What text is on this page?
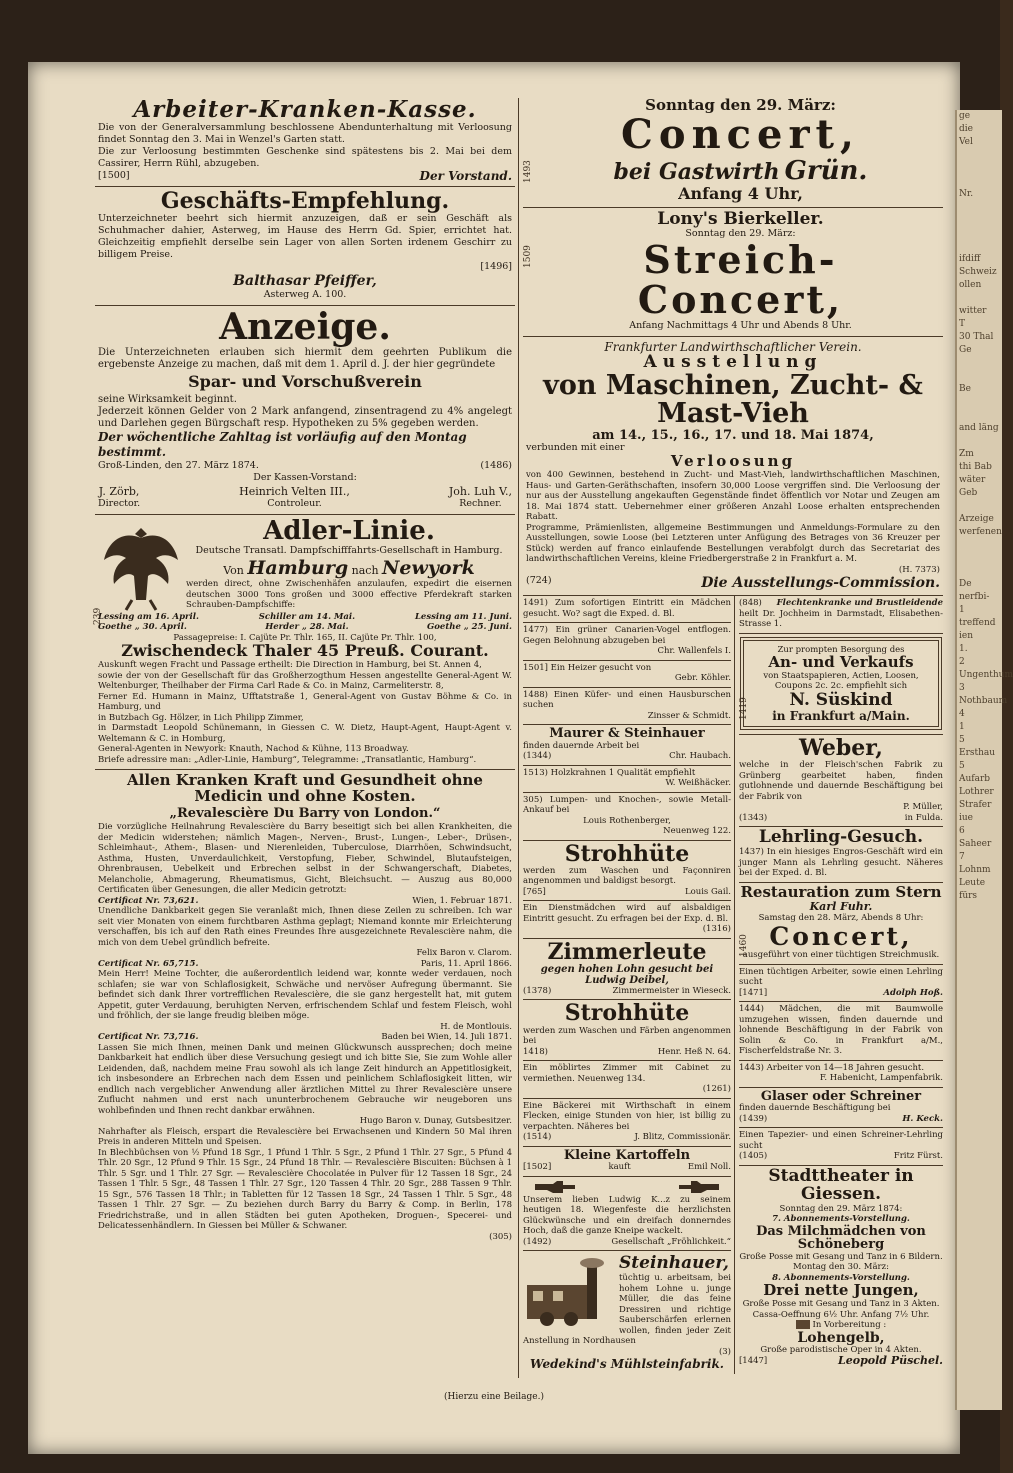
ge
die
Vel

Nr.

ifdiff
Schweiz
ollen

witter
T
30 Thal
Ge

Be

and läng

Zm
thi Bab
wäter
Geb

Arzeige
werfenen

De
nerfbi-
1
treffend
ien
1.
2
Ungenthum
3
Nothbaum
4
1
5
Ersthau
5
Aufarb
Lothrer
Strafer
iue
6
Saheer
7
Lohnm
Leute
fürs
Arbeiter-Kranken-Kasse.

Die von der Generalversammlung beschlossene Abendunterhaltung mit Verloosung findet Sonntag den 3. Mai in Wenzel's Garten statt.

Die zur Verloosung bestimmten Geschenke sind spätestens bis 2. Mai bei dem Cassirer, Herrn Rühl, abzugeben.

[1500]	Der Vorstand.
Geschäfts-Empfehlung.

Unterzeichneter beehrt sich hiermit anzuzeigen, daß er sein Geschäft als Schuhmacher dahier, Asterweg, im Hause des Herrn Gd. Spier, errichtet hat. Gleichzeitig empfiehlt derselbe sein Lager von allen Sorten irdenem Geschirr zu billigem Preise.

[1496]
Balthasar Pfeiffer,
Asterweg A. 100.
Anzeige.

Die Unterzeichneten erlauben sich hiermit dem geehrten Publikum die ergebenste Anzeige zu machen, daß mit dem 1. April d. J. der hier gegründete

Spar- und Vorschußverein

seine Wirksamkeit beginnt.

Jederzeit können Gelder von 2 Mark anfangend, zinsentragend zu 4% angelegt und Darlehen gegen Bürgschaft resp. Hypotheken zu 5% gegeben werden.

Der wöchentliche Zahltag ist vorläufig auf den Montag bestimmt.

Groß-Linden, den 27. März 1874.	(1486)
Der Kassen-Vorstand:
J. Zörb,
Director.
Heinrich Velten III.,
Controleur.
Joh. Luh V.,
Rechner.
Adler-Linie.
Deutsche Transatl. Dampfschifffahrts-Gesellschaft in Hamburg.
Von Hamburg nach Newyork

werden direct, ohne Zwischenhäfen anzulaufen, expedirt die eisernen deutschen 3000 Tons großen und 3000 effective Pferdekraft starken Schrauben-Dampfschiffe:

Lessing am 16. April.	Schiller am 14. Mai.	Lessing am 11. Juni.
Goethe „ 30. April.	Herder „ 28. Mai.	Goethe „ 25. Juni.
Passagepreise: I. Cajüte Pr. Thlr. 165, II. Cajüte Pr. Thlr. 100,
Zwischendeck Thaler 45 Preuß. Courant.

Auskunft wegen Fracht und Passage ertheilt: Die Direction in Hamburg, bei St. Annen 4,

sowie der von der Gesellschaft für das Großherzogthum Hessen angestellte General-Agent W. Weltenburger, Theilhaber der Firma Carl Rade & Co. in Mainz, Carmeliterstr. 8,

Ferner Ed. Humann in Mainz, Ufftatstraße 1, General-Agent von Gustav Böhme & Co. in Hamburg, und

in Butzbach Gg. Hölzer, in Lich Philipp Zimmer,

in Darmstadt Leopold Schünemann, in Giessen C. W. Dietz, Haupt-Agent, Haupt-Agent v. Weltemann & C. in Homburg,

General-Agenten in Newyork: Knauth, Nachod & Kühne, 113 Broadway.

Briefe adressire man: „Adler-Linie, Hamburg“, Telegramme: „Transatlantic, Hamburg“.

239
Allen Kranken Kraft und Gesundheit ohne Medicin und ohne Kosten.
„Revalescière Du Barry von London.“

Die vorzügliche Heilnahrung Revalescière du Barry beseitigt sich bei allen Krankheiten, die der Medicin widerstehen; nämlich Magen-, Nerven-, Brust-, Lungen-, Leber-, Drüsen-, Schleimhaut-, Athem-, Blasen- und Nierenleiden, Tuberculose, Diarrhöen, Schwindsucht, Asthma, Husten, Unverdaulichkeit, Verstopfung, Fieber, Schwindel, Blutaufsteigen, Ohrenbrausen, Uebelkeit und Erbrechen selbst in der Schwangerschaft, Diabetes, Melancholie, Abmagerung, Rheumatismus, Gicht, Bleichsucht. — Auszug aus 80,000 Certificaten über Genesungen, die aller Medicin getrotzt:

Certificat Nr. 73,621.	Wien, 1. Februar 1871.

Unendliche Dankbarkeit gegen Sie veranlaßt mich, Ihnen diese Zeilen zu schreiben. Ich war seit vier Monaten von einem furchtbaren Asthma geplagt; Niemand konnte mir Erleichterung verschaffen, bis ich auf den Rath eines Freundes Ihre ausgezeichnete Revalescière nahm, die mich von dem Uebel gründlich befreite.

Felix Baron v. Clarom.
Certificat Nr. 65,715.	Paris, 11. April 1866.

Mein Herr! Meine Tochter, die außerordentlich leidend war, konnte weder verdauen, noch schlafen; sie war von Schlaflosigkeit, Schwäche und nervöser Aufregung übermannt. Sie befindet sich dank Ihrer vortrefflichen Revalescière, die sie ganz hergestellt hat, mit gutem Appetit, guter Verdauung, beruhigten Nerven, erfrischendem Schlaf und festem Fleisch, wohl und fröhlich, der sie lange freudig bleiben möge.

H. de Montlouis.
Certificat Nr. 73,716.	Baden bei Wien, 14. Juli 1871.

Lassen Sie mich Ihnen, meinen Dank und meinen Glückwunsch aussprechen; doch meine Dankbarkeit hat endlich über diese Versuchung gesiegt und ich bitte Sie, Sie zum Wohle aller Leidenden, daß, nachdem meine Frau sowohl als ich lange Zeit hindurch an Appetitlosigkeit, ich insbesondere an Erbrechen nach dem Essen und peinlichem Schlaflosigkeit litten, wir endlich nach vergeblicher Anwendung aller ärztlichen Mittel zu Ihrer Revalescière unsere Zuflucht nahmen und erst nach ununterbrochenem Gebrauche wir neugeboren uns wohlbefinden und Ihnen recht dankbar erwähnen.

Hugo Baron v. Dunay, Gutsbesitzer.

Nahrhafter als Fleisch, erspart die Revalescière bei Erwachsenen und Kindern 50 Mal ihren Preis in anderen Mitteln und Speisen.

In Blechbüchsen von ½ Pfund 18 Sgr., 1 Pfund 1 Thlr. 5 Sgr., 2 Pfund 1 Thlr. 27 Sgr., 5 Pfund 4 Thlr. 20 Sgr., 12 Pfund 9 Thlr. 15 Sgr., 24 Pfund 18 Thlr. — Revalescière Biscuiten: Büchsen à 1 Thlr. 5 Sgr. und 1 Thlr. 27 Sgr. — Revalescière Chocolatée in Pulver für 12 Tassen 18 Sgr., 24 Tassen 1 Thlr. 5 Sgr., 48 Tassen 1 Thlr. 27 Sgr., 120 Tassen 4 Thlr. 20 Sgr., 288 Tassen 9 Thlr. 15 Sgr., 576 Tassen 18 Thlr.; in Tabletten für 12 Tassen 18 Sgr., 24 Tassen 1 Thlr. 5 Sgr., 48 Tassen 1 Thlr. 27 Sgr. — Zu beziehen durch Barry du Barry & Comp. in Berlin, 178 Friedrichstraße, und in allen Städten bei guten Apotheken, Droguen-, Specerei- und Delicatessenhändlern. In Giessen bei Müller & Schwaner.

(305)
1493
Sonntag den 29. März:
Concert,
bei Gastwirth Grün.
Anfang 4 Uhr,
1509
Lony's Bierkeller.
Sonntag den 29. März:
Streich-Concert,
Anfang Nachmittags 4 Uhr und Abends 8 Uhr.
Frankfurter Landwirthschaftlicher Verein.
Ausstellung
von Maschinen, Zucht- & Mast-Vieh
am 14., 15., 16., 17. und 18. Mai 1874,
verbunden mit einer
Verloosung

von 400 Gewinnen, bestehend in Zucht- und Mast-Vieh, landwirthschaftlichen Maschinen, Haus- und Garten-Geräthschaften, insofern 30,000 Loose vergriffen sind. Die Verloosung der nur aus der Ausstellung angekauften Gegenstände findet öffentlich vor Notar und Zeugen am 18. Mai 1874 statt. Uebernehmer einer größeren Anzahl Loose erhalten entsprechenden Rabatt.

Programme, Prämienlisten, allgemeine Bestimmungen und Anmeldungs-Formulare zu den Ausstellungen, sowie Loose (bei Letzteren unter Anfügung des Betrages von 36 Kreuzer per Stück) werden auf franco einlaufende Bestellungen verabfolgt durch das Secretariat des landwirthschaftlichen Vereins, kleine Friedbergerstraße 2 in Frankfurt a. M.

(H. 7373)
(724)	Die Ausstellungs-Commission.

1491) Zum sofortigen Eintritt ein Mädchen gesucht. Wo? sagt die Exped. d. Bl.

1477) Ein grüner Canarien-Vogel entflogen. Gegen Belohnung abzugeben bei

Chr. Wallenfels I.

1501] Ein Heizer gesucht von

Gebr. Köhler.

1488) Einen Küfer- und einen Hausburschen suchen

Zinsser & Schmidt.
Maurer & Steinhauer

finden dauernde Arbeit bei

(1344)	Chr. Haubach.

1513) Holzkrahnen 1 Qualität empfiehlt

W. Weißhäcker.

305) Lumpen- und Knochen-, sowie Metall-Ankauf bei

Louis Rothenberger,
Neuenweg 122.
Strohhüte

werden zum Waschen und Façonniren angenommen und baldigst besorgt.

[765]	Louis Gail.

Ein Dienstmädchen wird auf alsbaldigen Eintritt gesucht. Zu erfragen bei der Exp. d. Bl.

(1316)
Zimmerleute
gegen hohen Lohn gesucht bei Ludwig Deibel,
(1378)	Zimmermeister in Wieseck.
Strohhüte

werden zum Waschen und Färben angenommen bei

1418)	Henr. Heß N. 64.

Ein möblirtes Zimmer mit Cabinet zu vermiethen. Neuenweg 134.

(1261)

Eine Bäckerei mit Wirthschaft in einem Flecken, einige Stunden von hier, ist billig zu verpachten. Näheres bei

(1514)	J. Blitz, Commissionär.
Kleine Kartoffeln
[1502]	kauft	Emil Noll.

Unserem lieben Ludwig K...z zu seinem heutigen 18. Wiegenfeste die herzlichsten Glückwünsche und ein dreifach donnerndes Hoch, daß die ganze Kneipe wackelt.

(1492)	Gesellschaft „Fröhlichkeit.“
Steinhauer,

tüchtig u. arbeitsam, bei hohem Lohne u. junge Müller, die das feine Dressiren und richtige Sauberschärfen erlernen wollen, finden jeder Zeit Anstellung in Nordhausen

(3)
Wedekind's Mühlsteinfabrik.
(848) Flechtenkranke und Brustleidende

heilt Dr. Jochheim in Darmstadt, Elisabethen-Strasse 1.

Zur prompten Besorgung des
An- und Verkaufs
von Staatspapieren, Actien, Loosen, Coupons 2c. 2c. empfiehlt sich
N. Süskind
in Frankfurt a/Main.
1419
Weber,

welche in der Fleisch'schen Fabrik zu Grünberg gearbeitet haben, finden gutlohnende und dauernde Beschäftigung bei der Fabrik von

P. Müller,
(1343)	in Fulda.
Lehrling-Gesuch.

1437) In ein hiesiges Engros-Geschäft wird ein junger Mann als Lehrling gesucht. Näheres bei der Exped. d. Bl.

Restauration zum Stern
Karl Fuhr.
Samstag den 28. März, Abends 8 Uhr:
Concert,
ausgeführt von einer tüchtigen Streichmusik.
1460

Einen tüchtigen Arbeiter, sowie einen Lehrling sucht

[1471]	Adolph Hoß.

1444) Mädchen, die mit Baumwolle umzugehen wissen, finden dauernde und lohnende Beschäftigung in der Fabrik von Solin & Co. in Frankfurt a/M., Fischerfeldstraße Nr. 3.

1443) Arbeiter von 14—18 Jahren gesucht.

F. Habenicht, Lampenfabrik.
Glaser oder Schreiner

finden dauernde Beschäftigung bei

(1439)	H. Keck.

Einen Tapezier- und einen Schreiner-Lehrling sucht

(1405)	Fritz Fürst.
Stadttheater in Giessen.
Sonntag den 29. März 1874:
7. Abonnements-Vorstellung.
Das Milchmädchen von Schöneberg
Große Posse mit Gesang und Tanz in 6 Bildern.
Montag den 30. März:
8. Abonnements-Vorstellung.
Drei nette Jungen,
Große Posse mit Gesang und Tanz in 3 Akten.
Cassa-Oeffnung 6½ Uhr. Anfang 7½ Uhr.
In Vorbereitung :
Lohengelb,
Große parodistische Oper in 4 Akten.
[1447]	Leopold Püschel.
(Hierzu eine Beilage.)
